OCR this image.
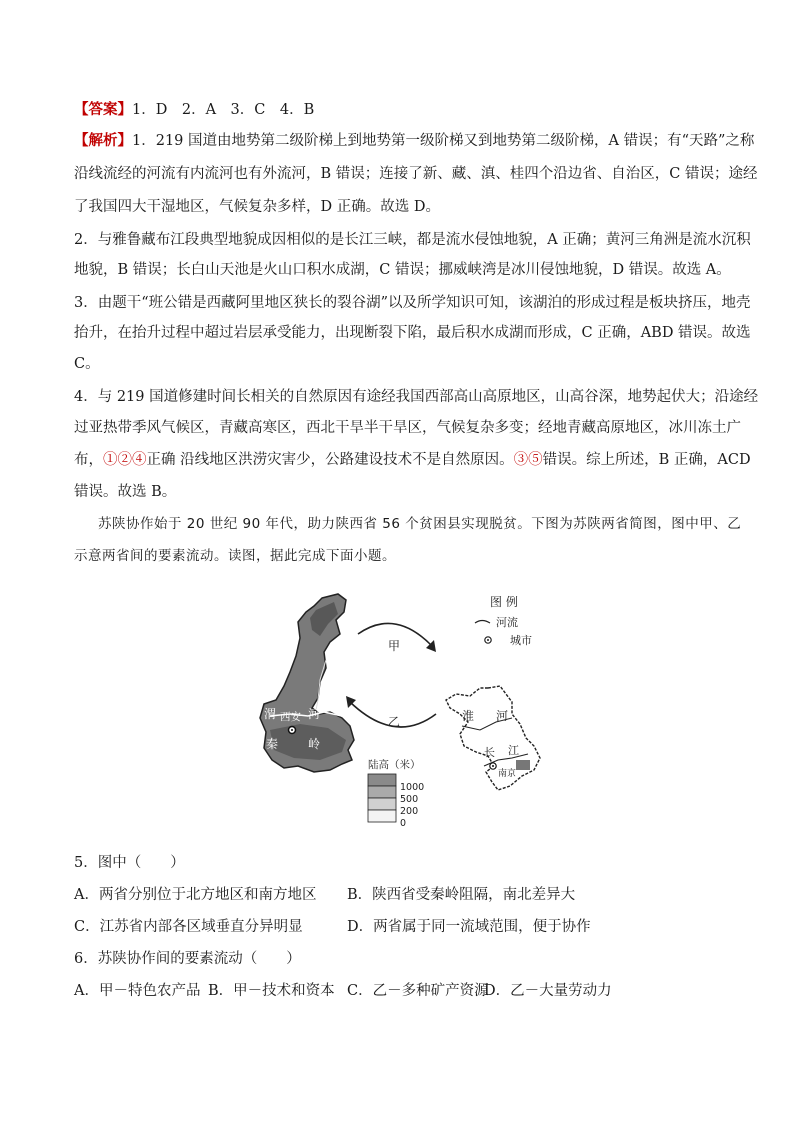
【答案】1．D　2．A　3．C　4．B
【解析】1．219 国道由地势第二级阶梯上到地势第一级阶梯又到地势第二级阶梯，A 错误；有“天路”之称
沿线流经的河流有内流河也有外流河，B 错误；连接了新、藏、滇、桂四个沿边省、自治区，C 错误；途经
了我国四大干湿地区，气候复杂多样，D 正确。故选 D。
2．与雅鲁藏布江段典型地貌成因相似的是长江三峡，都是流水侵蚀地貌，A 正确；黄河三角洲是流水沉积
地貌，B 错误；长白山天池是火山口积水成湖，C 错误；挪威峡湾是冰川侵蚀地貌，D 错误。故选 A。
3．由题干“班公错是西藏阿里地区狭长的裂谷湖”以及所学知识可知，该湖泊的形成过程是板块挤压，地壳
抬升，在抬升过程中超过岩层承受能力，出现断裂下陷，最后积水成湖而形成，C 正确，ABD 错误。故选
C。
4．与 219 国道修建时间长相关的自然原因有途经我国西部高山高原地区，山高谷深，地势起伏大；沿途经
过亚热带季风气候区，青藏高寒区，西北干旱半干旱区，气候复杂多变；经地青藏高原地区，冰川冻土广
布，①②④正确 沿线地区洪涝灾害少，公路建设技术不是自然原因。③⑤错误。综上所述，B 正确，ACD
错误。故选 B。
苏陕协作始于 20 世纪 90 年代，助力陕西省 56 个贫困县实现脱贫。下图为苏陕两省简图，图中甲、乙
示意两省间的要素流动。读图，据此完成下面小题。
渭 西安 河
秦 岭
甲
乙
图 例
河流
城市
淮 河
长 江
南京
陆高（米）
1000
500
200
0
5．图中（　　）
A．两省分别位于北方地区和南方地区 B．陕西省受秦岭阻隔，南北差异大
C．江苏省内部各区域垂直分异明显	D．两省属于同一流域范围，便于协作
6．苏陕协作间的要素流动（　　）
A．甲－特色农产品 B．甲－技术和资本 C．乙－多种矿产资源
D．乙－大量劳动力
